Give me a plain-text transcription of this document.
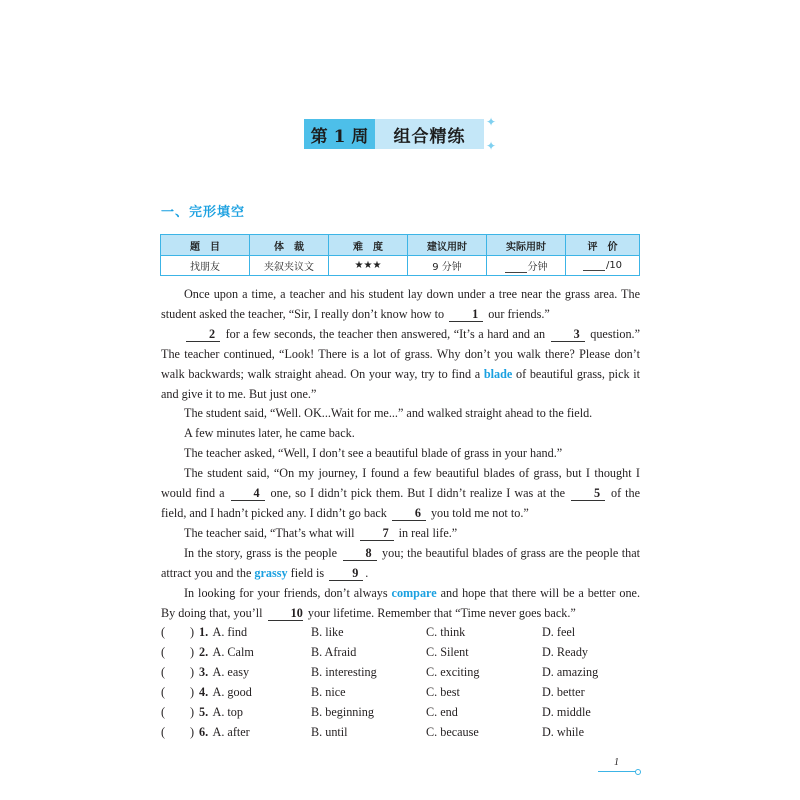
第 1 周	组合精练
✦
✦
一、完形填空
题　目	体　裁	难　度	建议用时	实际用时	评　价
找朋友	夹叙夹议文	★★★	9 分钟	分钟	/10

Once upon a time, a teacher and his student lay down under a tree near the grass area. The student asked the teacher, “Sir, I really don’t know how to 1 our friends.”

2 for a few seconds, the teacher then answered, “It’s a hard and an 3 question.” The teacher continued, “Look! There is a lot of grass. Why don’t you walk there? Please don’t walk backwards; walk straight ahead. On your way, try to find a blade of beautiful grass, pick it and give it to me. But just one.”

The student said, “Well. OK...Wait for me...” and walked straight ahead to the field.

A few minutes later, he came back.

The teacher asked, “Well, I don’t see a beautiful blade of grass in your hand.”

The student said, “On my journey, I found a few beautiful blades of grass, but I thought I would find a 4 one, so I didn’t pick them. But I didn’t realize I was at the 5 of the field, and I hadn’t picked any. I didn’t go back 6 you told me not to.”

The teacher said, “That’s what will 7 in real life.”

In the story, grass is the people 8 you; the beautiful blades of grass are the people that attract you and the grassy field is 9 .

In looking for your friends, don’t always compare and hope that there will be a better one. By doing that, you’ll 10 your lifetime. Remember that “Time never goes back.”

( ) 1. A. find	B. like	C. think	D. feel
( ) 2. A. Calm	B. Afraid	C. Silent	D. Ready
( ) 3. A. easy	B. interesting	C. exciting	D. amazing
( ) 4. A. good	B. nice	C. best	D. better
( ) 5. A. top	B. beginning	C. end	D. middle
( ) 6. A. after	B. until	C. because	D. while
1
